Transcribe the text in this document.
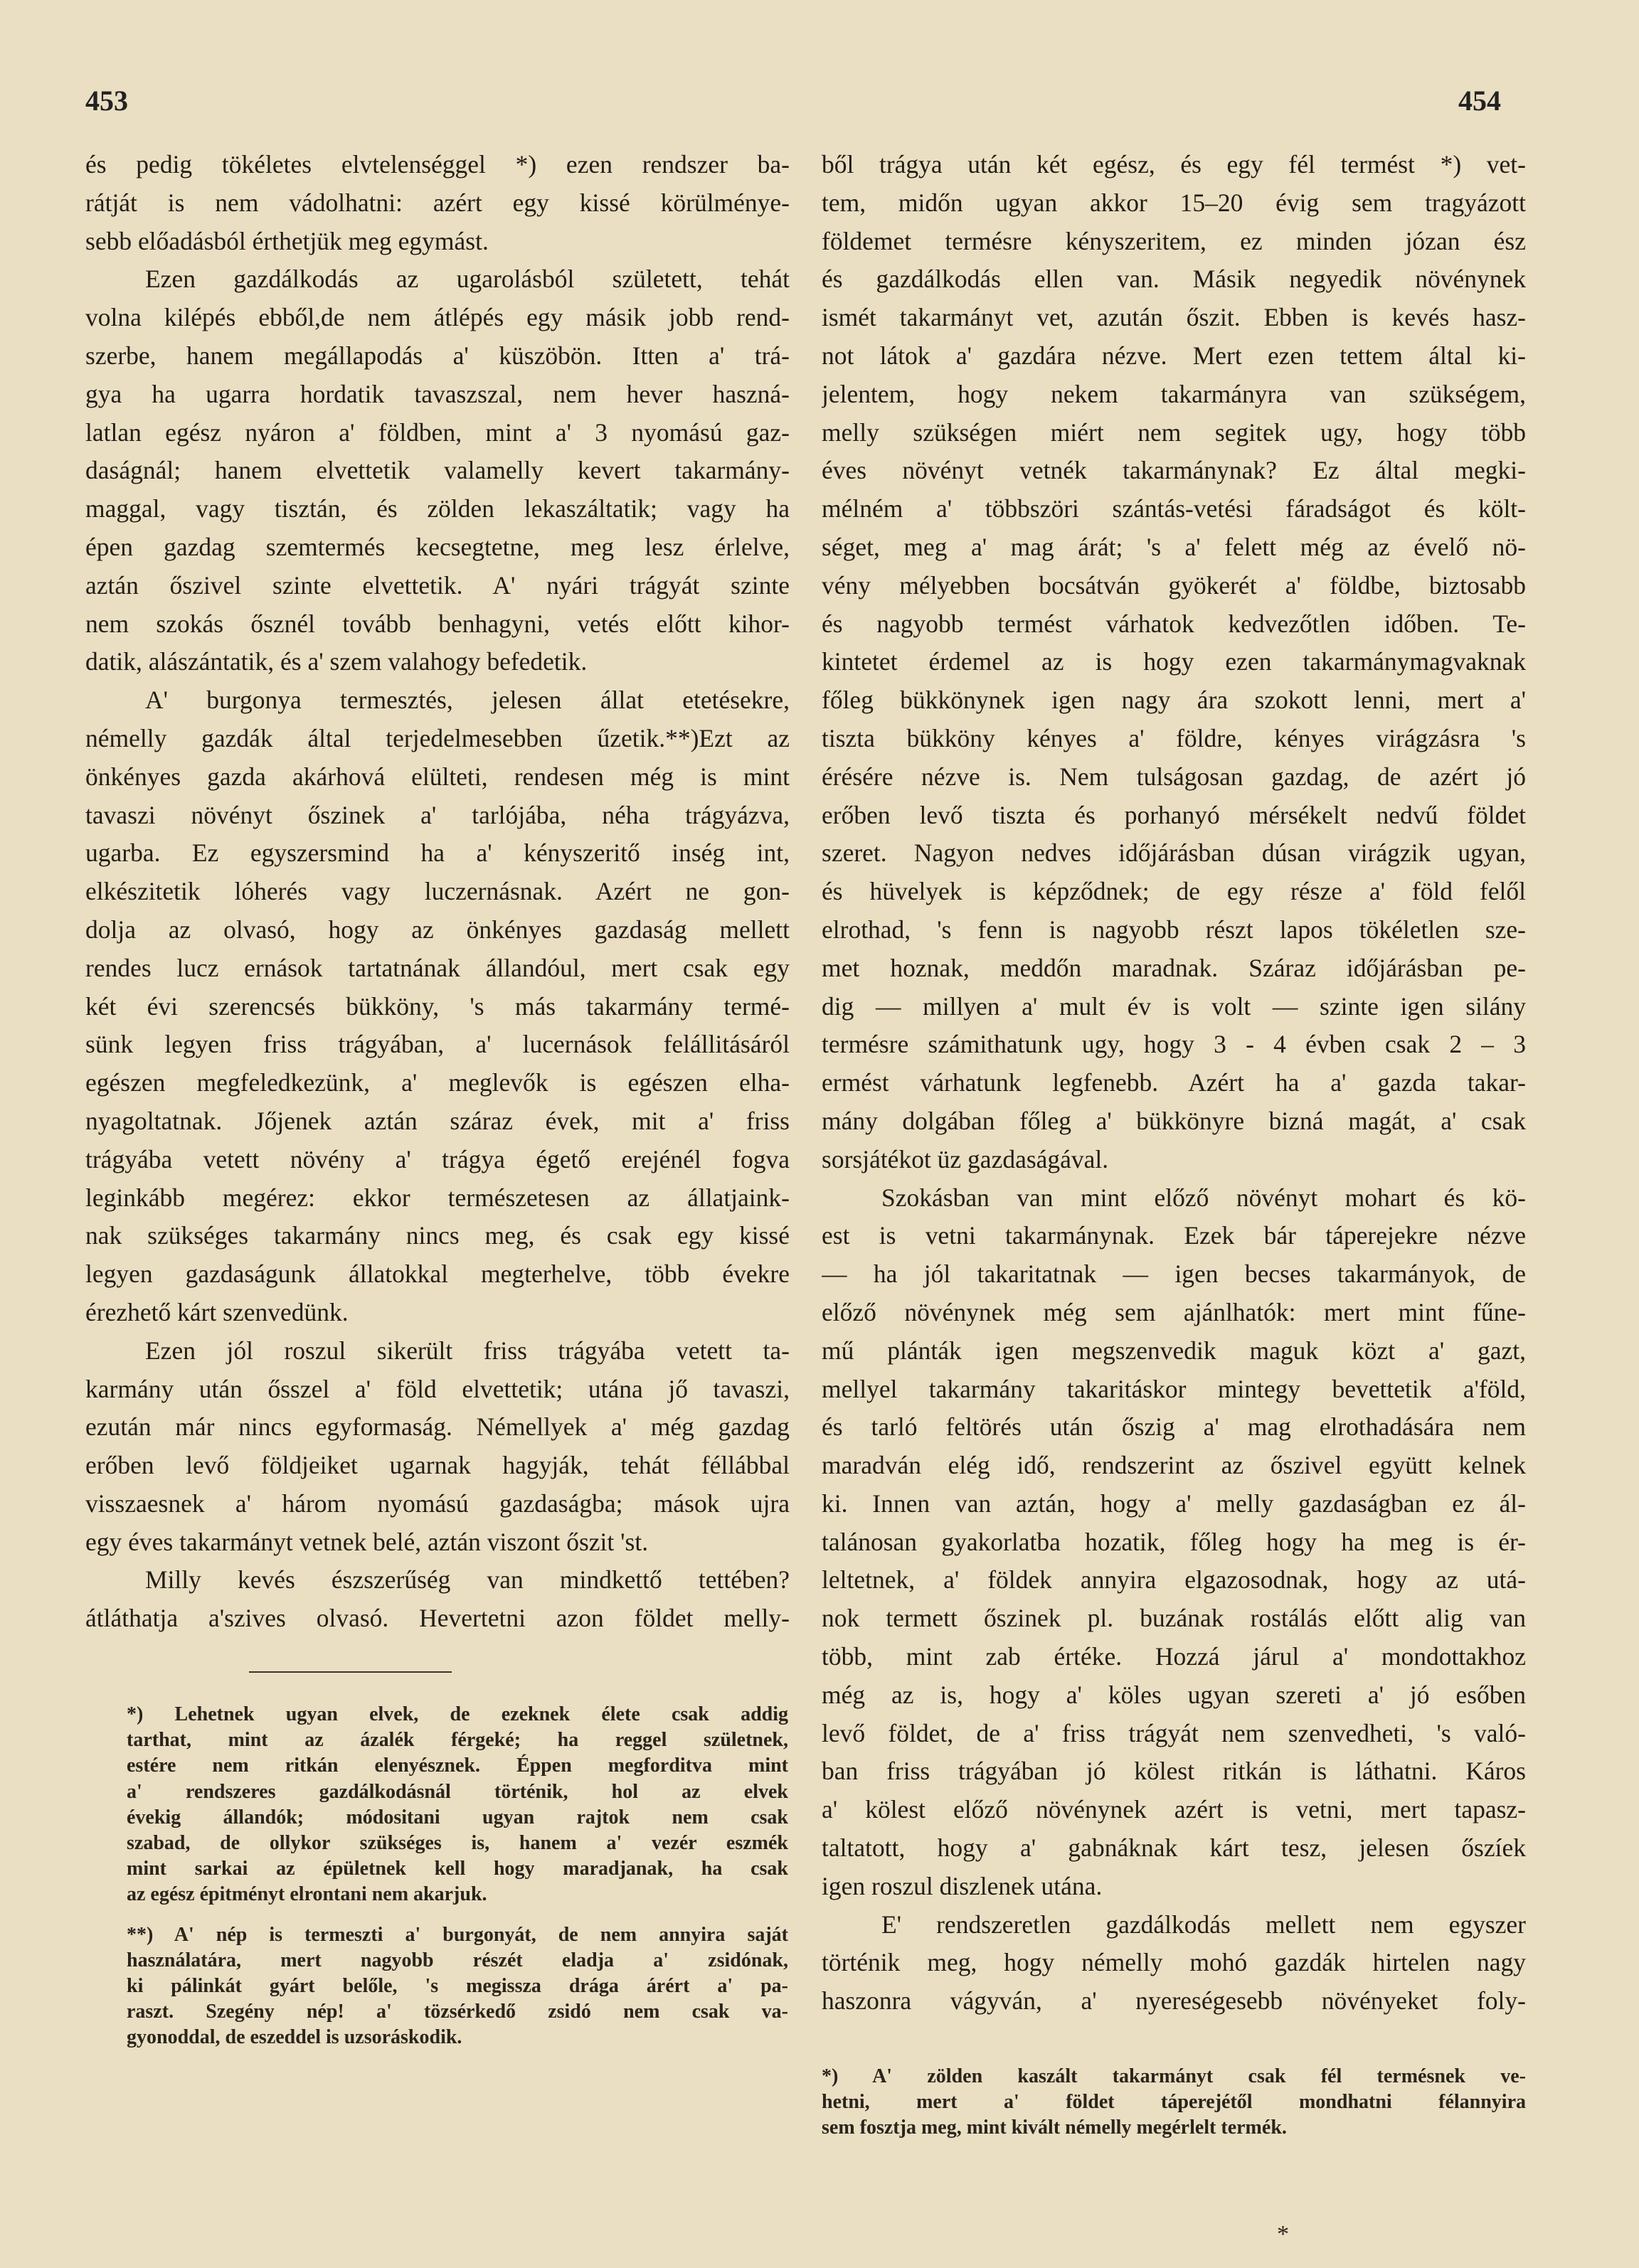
453	454
és pedig tökéletes elvtelenséggel *) ezen rendszer ba-
rátját is nem vádolhatni: azért egy kissé körülménye-
sebb előadásból érthetjük meg egymást.
Ezen gazdálkodás az ugarolásból született, tehát
volna kilépés ebből,de nem átlépés egy másik jobb rend-
szerbe, hanem megállapodás a' küszöbön. Itten a' trá-
gya ha ugarra hordatik tavaszszal, nem hever haszná-
latlan egész nyáron a' földben, mint a' 3 nyomású gaz-
daságnál; hanem elvettetik valamelly kevert takarmány-
maggal, vagy tisztán, és zölden lekaszáltatik; vagy ha
épen gazdag szemtermés kecsegtetne, meg lesz érlelve,
aztán őszivel szinte elvettetik. A' nyári trágyát szinte
nem szokás ősznél tovább benhagyni, vetés előtt kihor-
datik, alászántatik, és a' szem valahogy befedetik.
A' burgonya termesztés, jelesen állat etetésekre,
némelly gazdák által terjedelmesebben űzetik.**)Ezt az
önkényes gazda akárhová elülteti, rendesen még is mint
tavaszi növényt őszinek a' tarlójába, néha trágyázva,
ugarba. Ez egyszersmind ha a' kényszeritő inség int,
elkészitetik lóherés vagy luczernásnak. Azért ne gon-
dolja az olvasó, hogy az önkényes gazdaság mellett
rendes lucz ernások tartatnának állandóul, mert csak egy
két évi szerencsés bükköny, 's más takarmány termé-
sünk legyen friss trágyában, a' lucernások felállitásáról
egészen megfeledkezünk, a' meglevők is egészen elha-
nyagoltatnak. Jőjenek aztán száraz évek, mit a' friss
trágyába vetett növény a' trágya égető erejénél fogva
leginkább megérez: ekkor természetesen az állatjaink-
nak szükséges takarmány nincs meg, és csak egy kissé
legyen gazdaságunk állatokkal megterhelve, több évekre
érezhető kárt szenvedünk.
Ezen jól roszul sikerült friss trágyába vetett ta-
karmány után ősszel a' föld elvettetik; utána jő tavaszi,
ezután már nincs egyformaság. Némellyek a' még gazdag
erőben levő földjeiket ugarnak hagyják, tehát féllábbal
visszaesnek a' három nyomású gazdaságba; mások ujra
egy éves takarmányt vetnek belé, aztán viszont őszit 'st.
Milly kevés észszerűség van mindkettő tettében?
átláthatja a'szives olvasó. Hevertetni azon földet melly-
*) Lehetnek ugyan elvek, de ezeknek élete csak addig
tarthat, mint az ázalék férgeké; ha reggel születnek,
estére nem ritkán elenyésznek. Éppen megforditva mint
a' rendszeres gazdálkodásnál történik, hol az elvek
évekig állandók; módositani ugyan rajtok nem csak
szabad, de ollykor szükséges is, hanem a' vezér eszmék
mint sarkai az épületnek kell hogy maradjanak, ha csak
az egész épitményt elrontani nem akarjuk.
**) A' nép is termeszti a' burgonyát, de nem annyira saját
használatára, mert nagyobb részét eladja a' zsidónak,
ki pálinkát gyárt belőle, 's megissza drága árért a' pa-
raszt. Szegény nép! a' tözsérkedő zsidó nem csak va-
gyonoddal, de eszeddel is uzsoráskodik.
ből trágya után két egész, és egy fél termést *) vet-
tem, midőn ugyan akkor 15–20 évig sem tragyázott
földemet termésre kényszeritem, ez minden józan ész
és gazdálkodás ellen van. Másik negyedik növénynek
ismét takarmányt vet, azután őszit. Ebben is kevés hasz-
not látok a' gazdára nézve. Mert ezen tettem által ki-
jelentem, hogy nekem takarmányra van szükségem,
melly szükségen miért nem segitek ugy, hogy több
éves növényt vetnék takarmánynak? Ez által megki-
mélném a' többszöri szántás-vetési fáradságot és költ-
séget, meg a' mag árát; 's a' felett még az évelő nö-
vény mélyebben bocsátván gyökerét a' földbe, biztosabb
és nagyobb termést várhatok kedvezőtlen időben. Te-
kintetet érdemel az is hogy ezen takarmánymagvaknak
főleg bükkönynek igen nagy ára szokott lenni, mert a'
tiszta bükköny kényes a' földre, kényes virágzásra 's
érésére nézve is. Nem tulságosan gazdag, de azért jó
erőben levő tiszta és porhanyó mérsékelt nedvű földet
szeret. Nagyon nedves időjárásban dúsan virágzik ugyan,
és hüvelyek is képződnek; de egy része a' föld felől
elrothad, 's fenn is nagyobb részt lapos tökéletlen sze-
met hoznak, meddőn maradnak. Száraz időjárásban pe-
dig — millyen a' mult év is volt — szinte igen silány
termésre számithatunk ugy, hogy 3 - 4 évben csak 2 – 3
ermést várhatunk legfenebb. Azért ha a' gazda takar-
mány dolgában főleg a' bükkönyre bizná magát, a' csak
sorsjátékot üz gazdaságával.
Szokásban van mint előző növényt mohart és kö-
est is vetni takarmánynak. Ezek bár táperejekre nézve
— ha jól takaritatnak — igen becses takarmányok, de
előző növénynek még sem ajánlhatók: mert mint fűne-
mű plánták igen megszenvedik maguk közt a' gazt,
mellyel takarmány takaritáskor mintegy bevettetik a'föld,
és tarló feltörés után őszig a' mag elrothadására nem
maradván elég idő, rendszerint az őszivel együtt kelnek
ki. Innen van aztán, hogy a' melly gazdaságban ez ál-
talánosan gyakorlatba hozatik, főleg hogy ha meg is ér-
leltetnek, a' földek annyira elgazosodnak, hogy az utá-
nok termett őszinek pl. buzának rostálás előtt alig van
több, mint zab értéke. Hozzá járul a' mondottakhoz
még az is, hogy a' köles ugyan szereti a' jó esőben
levő földet, de a' friss trágyát nem szenvedheti, 's való-
ban friss trágyában jó kölest ritkán is láthatni. Káros
a' kölest előző növénynek azért is vetni, mert tapasz-
taltatott, hogy a' gabnáknak kárt tesz, jelesen őszíek
igen roszul diszlenek utána.
E' rendszeretlen gazdálkodás mellett nem egyszer
történik meg, hogy némelly mohó gazdák hirtelen nagy
haszonra vágyván, a' nyereségesebb növényeket foly-
*) A' zölden kaszált takarmányt csak fél termésnek ve-
hetni, mert a' földet táperejétől mondhatni félannyira
sem fosztja meg, mint kivált némelly megérlelt termék.
*
